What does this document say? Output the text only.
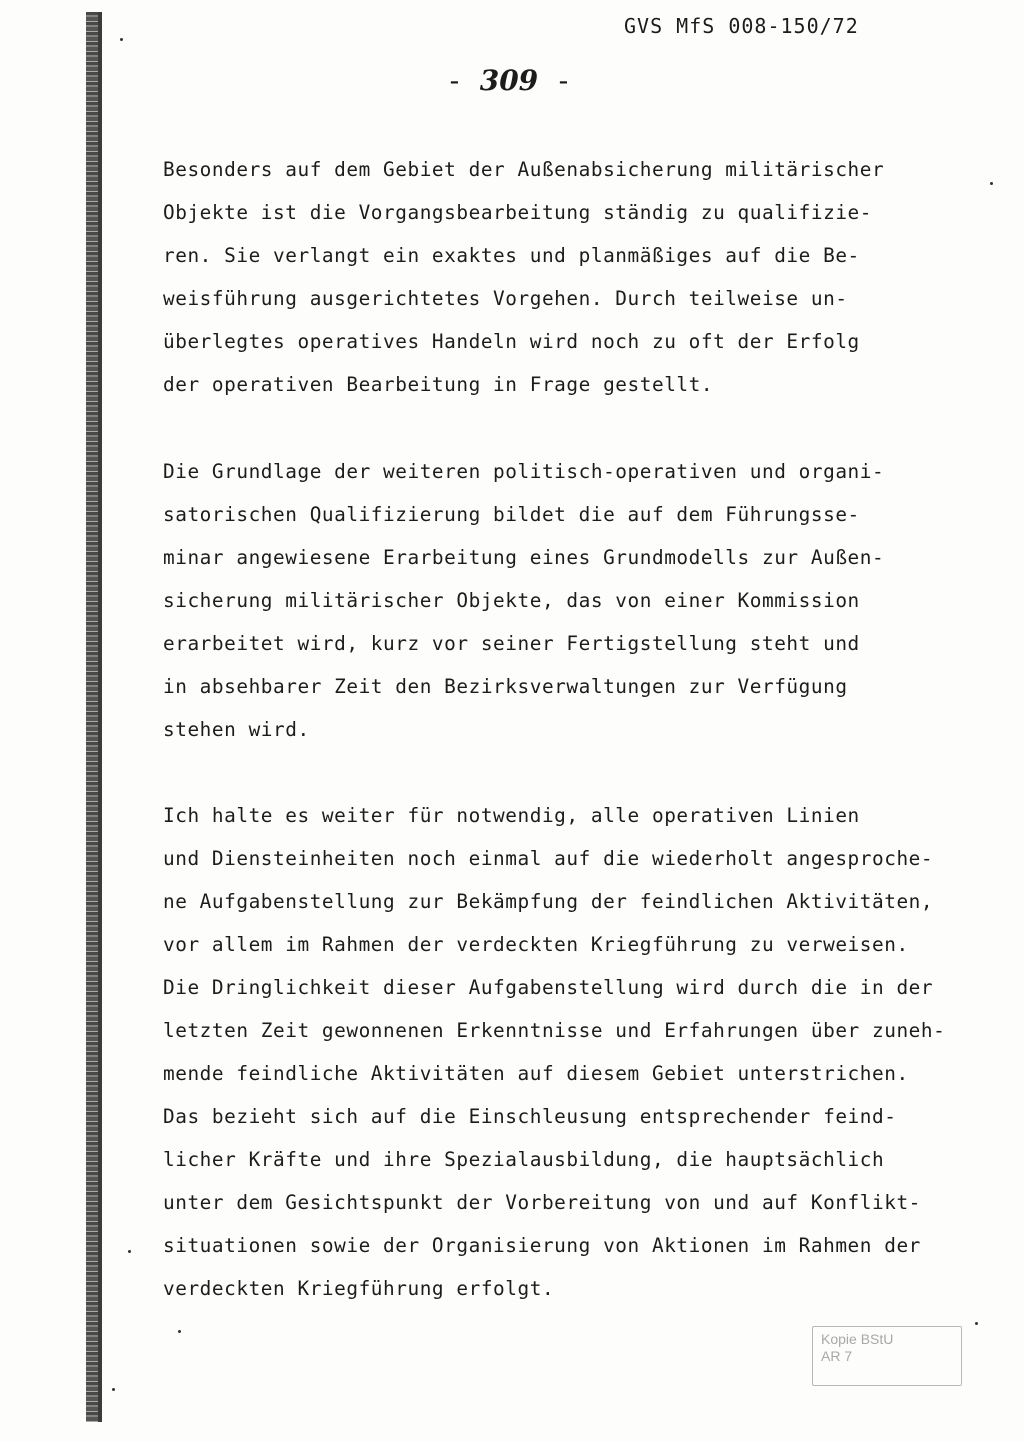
GVS MfS 008-150/72
- 309 -
Besonders auf dem Gebiet der Außenabsicherung militärischer
Objekte ist die Vorgangsbearbeitung ständig zu qualifizie-
ren. Sie verlangt ein exaktes und planmäßiges auf die Be-
weisführung ausgerichtetes Vorgehen. Durch teilweise un-
überlegtes operatives Handeln wird noch zu oft der Erfolg
der operativen Bearbeitung in Frage gestellt.
Die Grundlage der weiteren politisch-operativen und organi-
satorischen Qualifizierung bildet die auf dem Führungsse-
minar angewiesene Erarbeitung eines Grundmodells zur Außen-
sicherung militärischer Objekte, das von einer Kommission
erarbeitet wird, kurz vor seiner Fertigstellung steht und
in absehbarer Zeit den Bezirksverwaltungen zur Verfügung
stehen wird.
Ich halte es weiter für notwendig, alle operativen Linien
und Diensteinheiten noch einmal auf die wiederholt angesproche-
ne Aufgabenstellung zur Bekämpfung der feindlichen Aktivitäten,
vor allem im Rahmen der verdeckten Kriegführung zu verweisen.
Die Dringlichkeit dieser Aufgabenstellung wird durch die in der
letzten Zeit gewonnenen Erkenntnisse und Erfahrungen über zuneh-
mende feindliche Aktivitäten auf diesem Gebiet unterstrichen.
Das bezieht sich auf die Einschleusung entsprechender feind-
licher Kräfte und ihre Spezialausbildung, die hauptsächlich
unter dem Gesichtspunkt der Vorbereitung von und auf Konflikt-
situationen sowie der Organisierung von Aktionen im Rahmen der
verdeckten Kriegführung erfolgt.
Kopie BStU
AR 7
